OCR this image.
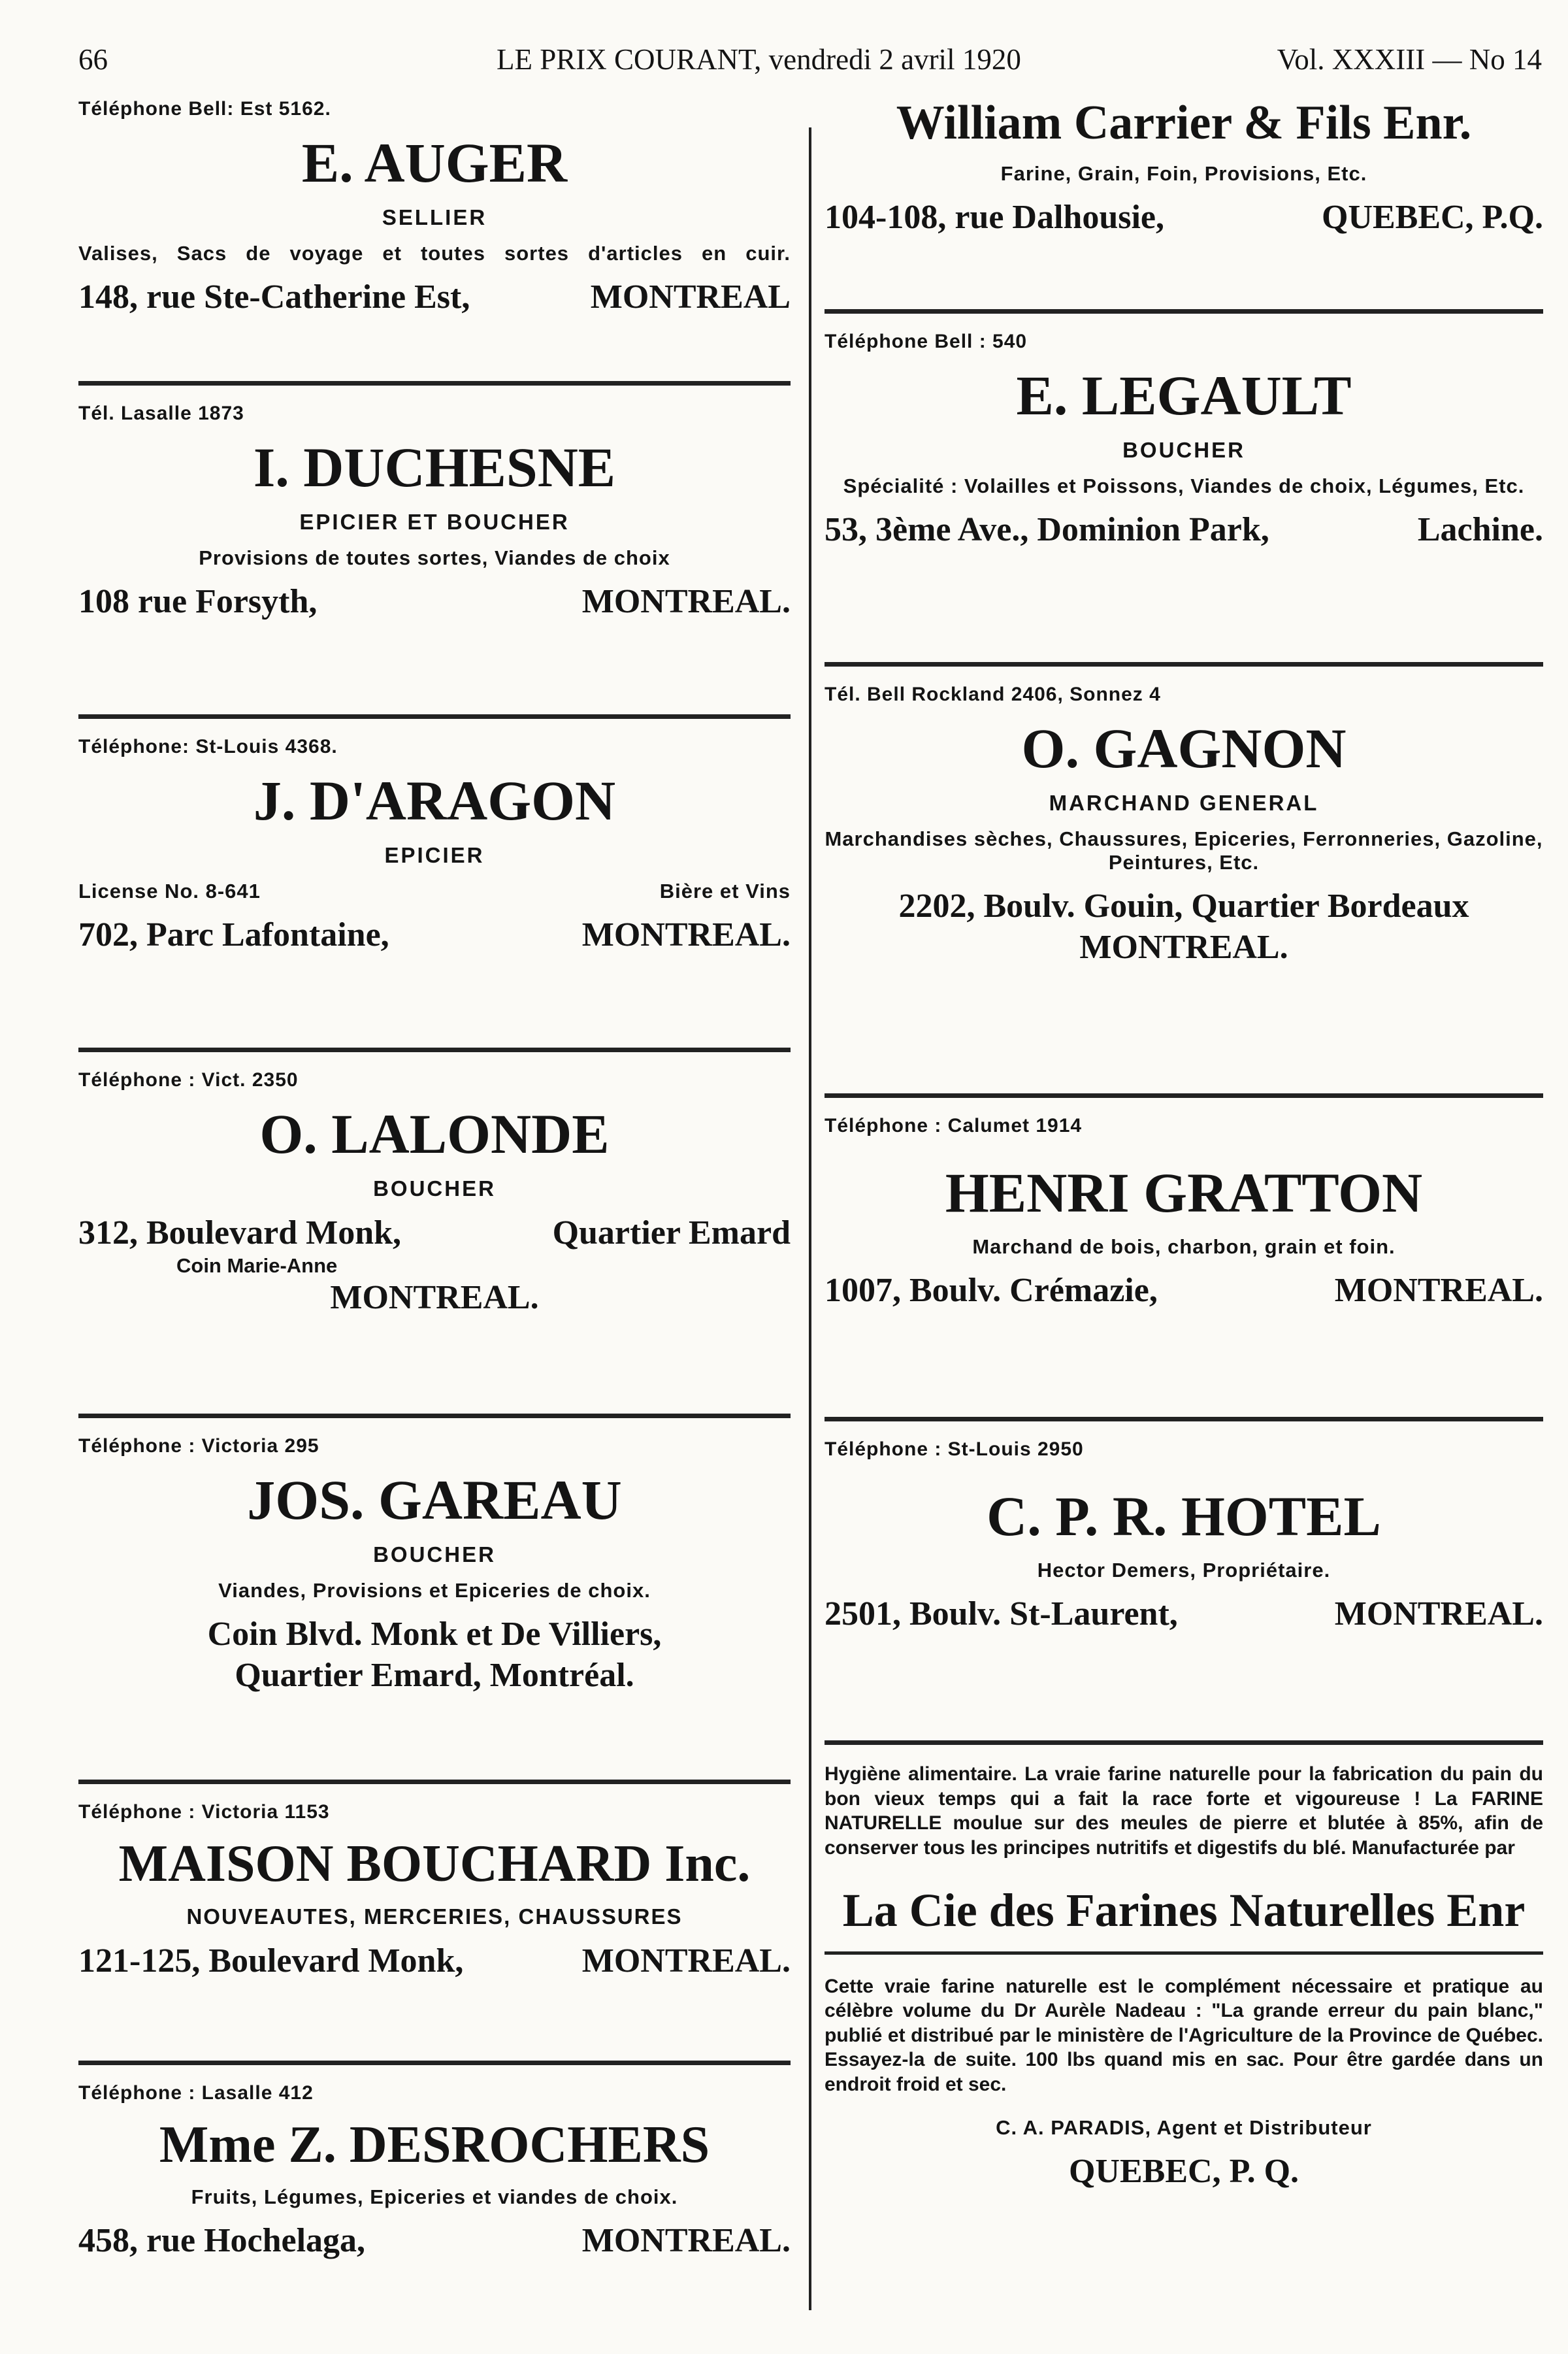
66	LE PRIX COURANT, vendredi 2 avril 1920	Vol. XXXIII — No 14
Téléphone Bell: Est 5162.
E. AUGER
SELLIER
Valises, Sacs de voyage et toutes sortes d'articles en cuir.
148, rue Ste-Catherine Est,	MONTREAL
Tél. Lasalle 1873
I. DUCHESNE
EPICIER ET BOUCHER
Provisions de toutes sortes, Viandes de choix
108 rue Forsyth,	MONTREAL.
Téléphone: St-Louis 4368.
J. D'ARAGON
EPICIER
License No. 8-641	Bière et Vins
702, Parc Lafontaine,	MONTREAL.
Téléphone : Vict. 2350
O. LALONDE
BOUCHER
312, Boulevard Monk,	Quartier Emard
Coin Marie-Anne
MONTREAL.
Téléphone : Victoria 295
JOS. GAREAU
BOUCHER
Viandes, Provisions et Epiceries de choix.
Coin Blvd. Monk et De Villiers,
Quartier Emard, Montréal.
Téléphone : Victoria 1153
MAISON BOUCHARD Inc.
NOUVEAUTES, MERCERIES, CHAUSSURES
121-125, Boulevard Monk,	MONTREAL.
Téléphone : Lasalle 412
Mme Z. DESROCHERS
Fruits, Légumes, Epiceries et viandes de choix.
458, rue Hochelaga,	MONTREAL.
William Carrier & Fils Enr.
Farine, Grain, Foin, Provisions, Etc.
104-108, rue Dalhousie,	QUEBEC, P.Q.
Téléphone Bell : 540
E. LEGAULT
BOUCHER
Spécialité : Volailles et Poissons, Viandes de choix, Légumes, Etc.
53, 3ème Ave., Dominion Park,	Lachine.
Tél. Bell Rockland 2406, Sonnez 4
O. GAGNON
MARCHAND GENERAL
Marchandises sèches, Chaussures, Epiceries, Ferronneries, Gazoline, Peintures, Etc.
2202, Boulv. Gouin, Quartier Bordeaux
MONTREAL.
Téléphone : Calumet 1914
HENRI GRATTON
Marchand de bois, charbon, grain et foin.
1007, Boulv. Crémazie,	MONTREAL.
Téléphone : St-Louis 2950
C. P. R. HOTEL
Hector Demers, Propriétaire.
2501, Boulv. St-Laurent,	MONTREAL.
Hygiène alimentaire. La vraie farine naturelle pour la fabrication du pain du bon vieux temps qui a fait la race forte et vigoureuse ! La FARINE NATURELLE moulue sur des meules de pierre et blutée à 85%, afin de conserver tous les principes nutritifs et digestifs du blé. Manufacturée par
La Cie des Farines Naturelles Enr
Cette vraie farine naturelle est le complément nécessaire et pratique au célèbre volume du Dr Aurèle Nadeau : "La grande erreur du pain blanc," publié et distribué par le ministère de l'Agriculture de la Province de Québec. Essayez-la de suite. 100 lbs quand mis en sac. Pour être gardée dans un endroit froid et sec.
C. A. PARADIS, Agent et Distributeur
QUEBEC, P. Q.
